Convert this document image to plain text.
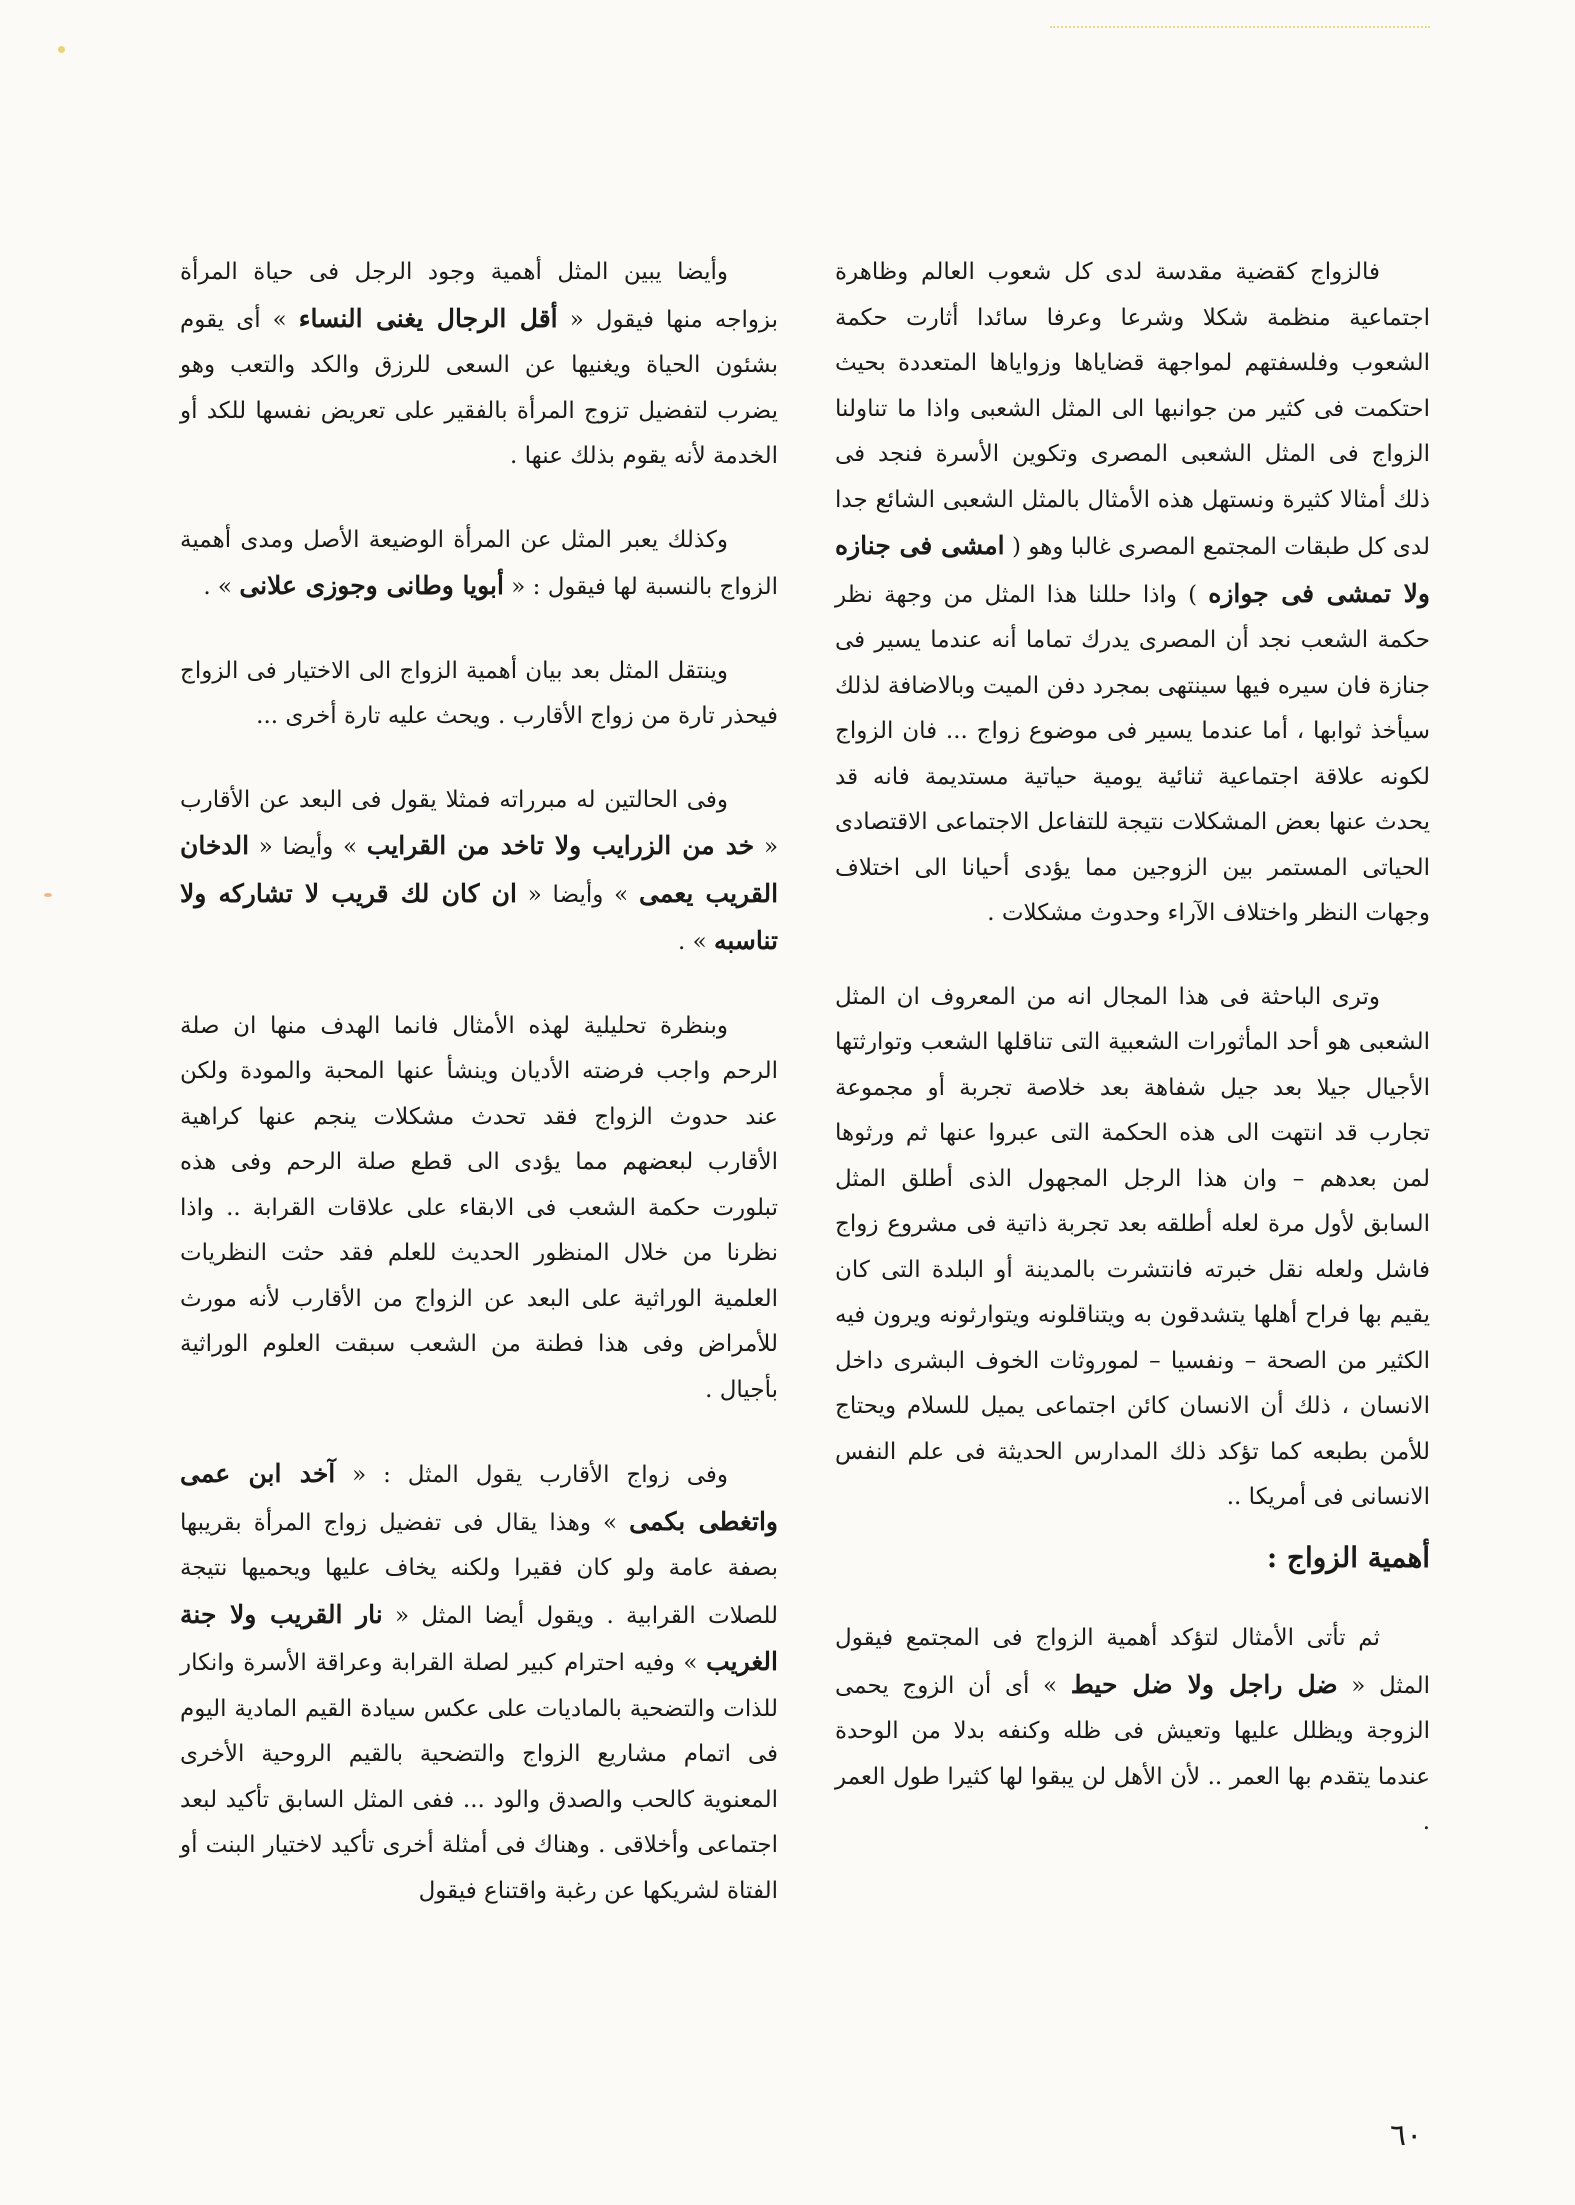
فالزواج كقضية مقدسة لدى كل شعوب العالم وظاهرة اجتماعية منظمة شكلا وشرعا وعرفا سائدا أثارت حكمة الشعوب وفلسفتهم لمواجهة قضاياها وزواياها المتعددة بحيث احتكمت فى كثير من جوانبها الى المثل الشعبى واذا ما تناولنا الزواج فى المثل الشعبى المصرى وتكوين الأسرة فنجد فى ذلك أمثالا كثيرة ونستهل هذه الأمثال بالمثل الشعبى الشائع جدا لدى كل طبقات المجتمع المصرى غالبا وهو ( امشى فى جنازه ولا تمشى فى جوازه ) واذا حللنا هذا المثل من وجهة نظر حكمة الشعب نجد أن المصرى يدرك تماما أنه عندما يسير فى جنازة فان سيره فيها سينتهى بمجرد دفن الميت وبالاضافة لذلك سيأخذ ثوابها ، أما عندما يسير فى موضوع زواج ... فان الزواج لكونه علاقة اجتماعية ثنائية يومية حياتية مستديمة فانه قد يحدث عنها بعض المشكلات نتيجة للتفاعل الاجتماعى الاقتصادى الحياتى المستمر بين الزوجين مما يؤدى أحيانا الى اختلاف وجهات النظر واختلاف الآراء وحدوث مشكلات .

وترى الباحثة فى هذا المجال انه من المعروف ان المثل الشعبى هو أحد المأثورات الشعبية التى تناقلها الشعب وتوارثتها الأجيال جيلا بعد جيل شفاهة بعد خلاصة تجربة أو مجموعة تجارب قد انتهت الى هذه الحكمة التى عبروا عنها ثم ورثوها لمن بعدهم – وان هذا الرجل المجهول الذى أطلق المثل السابق لأول مرة لعله أطلقه بعد تجربة ذاتية فى مشروع زواج فاشل ولعله نقل خبرته فانتشرت بالمدينة أو البلدة التى كان يقيم بها فراح أهلها يتشدقون به ويتناقلونه ويتوارثونه ويرون فيه الكثير من الصحة – ونفسيا – لموروثات الخوف البشرى داخل الانسان ، ذلك أن الانسان كائن اجتماعى يميل للسلام ويحتاج للأمن بطبعه كما تؤكد ذلك المدارس الحديثة فى علم النفس الانسانى فى أمريكا ..

أهمية الزواج :

ثم تأتى الأمثال لتؤكد أهمية الزواج فى المجتمع فيقول المثل « ضل راجل ولا ضل حيط » أى أن الزوج يحمى الزوجة ويظلل عليها وتعيش فى ظله وكنفه بدلا من الوحدة عندما يتقدم بها العمر .. لأن الأهل لن يبقوا لها كثيرا طول العمر .

وأيضا يبين المثل أهمية وجود الرجل فى حياة المرأة بزواجه منها فيقول « أقل الرجال يغنى النساء » أى يقوم بشئون الحياة ويغنيها عن السعى للرزق والكد والتعب وهو يضرب لتفضيل تزوج المرأة بالفقير على تعريض نفسها للكد أو الخدمة لأنه يقوم بذلك عنها .

وكذلك يعبر المثل عن المرأة الوضيعة الأصل ومدى أهمية الزواج بالنسبة لها فيقول : « أبويا وطانى وجوزى علانى » .

وينتقل المثل بعد بيان أهمية الزواج الى الاختيار فى الزواج فيحذر تارة من زواج الأقارب . ويحث عليه تارة أخرى ...

وفى الحالتين له مبرراته فمثلا يقول فى البعد عن الأقارب « خد من الزرايب ولا تاخد من القرايب » وأيضا « الدخان القريب يعمى » وأيضا « ان كان لك قريب لا تشاركه ولا تناسبه » .

وبنظرة تحليلية لهذه الأمثال فانما الهدف منها ان صلة الرحم واجب فرضته الأديان وينشأ عنها المحبة والمودة ولكن عند حدوث الزواج فقد تحدث مشكلات ينجم عنها كراهية الأقارب لبعضهم مما يؤدى الى قطع صلة الرحم وفى هذه تبلورت حكمة الشعب فى الابقاء على علاقات القرابة .. واذا نظرنا من خلال المنظور الحديث للعلم فقد حثت النظريات العلمية الوراثية على البعد عن الزواج من الأقارب لأنه مورث للأمراض وفى هذا فطنة من الشعب سبقت العلوم الوراثية بأجيال .

وفى زواج الأقارب يقول المثل : « آخد ابن عمى واتغطى بكمى » وهذا يقال فى تفضيل زواج المرأة بقريبها بصفة عامة ولو كان فقيرا ولكنه يخاف عليها ويحميها نتيجة للصلات القرابية . ويقول أيضا المثل « نار القريب ولا جنة الغريب » وفيه احترام كبير لصلة القرابة وعراقة الأسرة وانكار للذات والتضحية بالماديات على عكس سيادة القيم المادية اليوم فى اتمام مشاريع الزواج والتضحية بالقيم الروحية الأخرى المعنوية كالحب والصدق والود ... ففى المثل السابق تأكيد لبعد اجتماعى وأخلاقى . وهناك فى أمثلة أخرى تأكيد لاختيار البنت أو الفتاة لشريكها عن رغبة واقتناع فيقول

٦٠
